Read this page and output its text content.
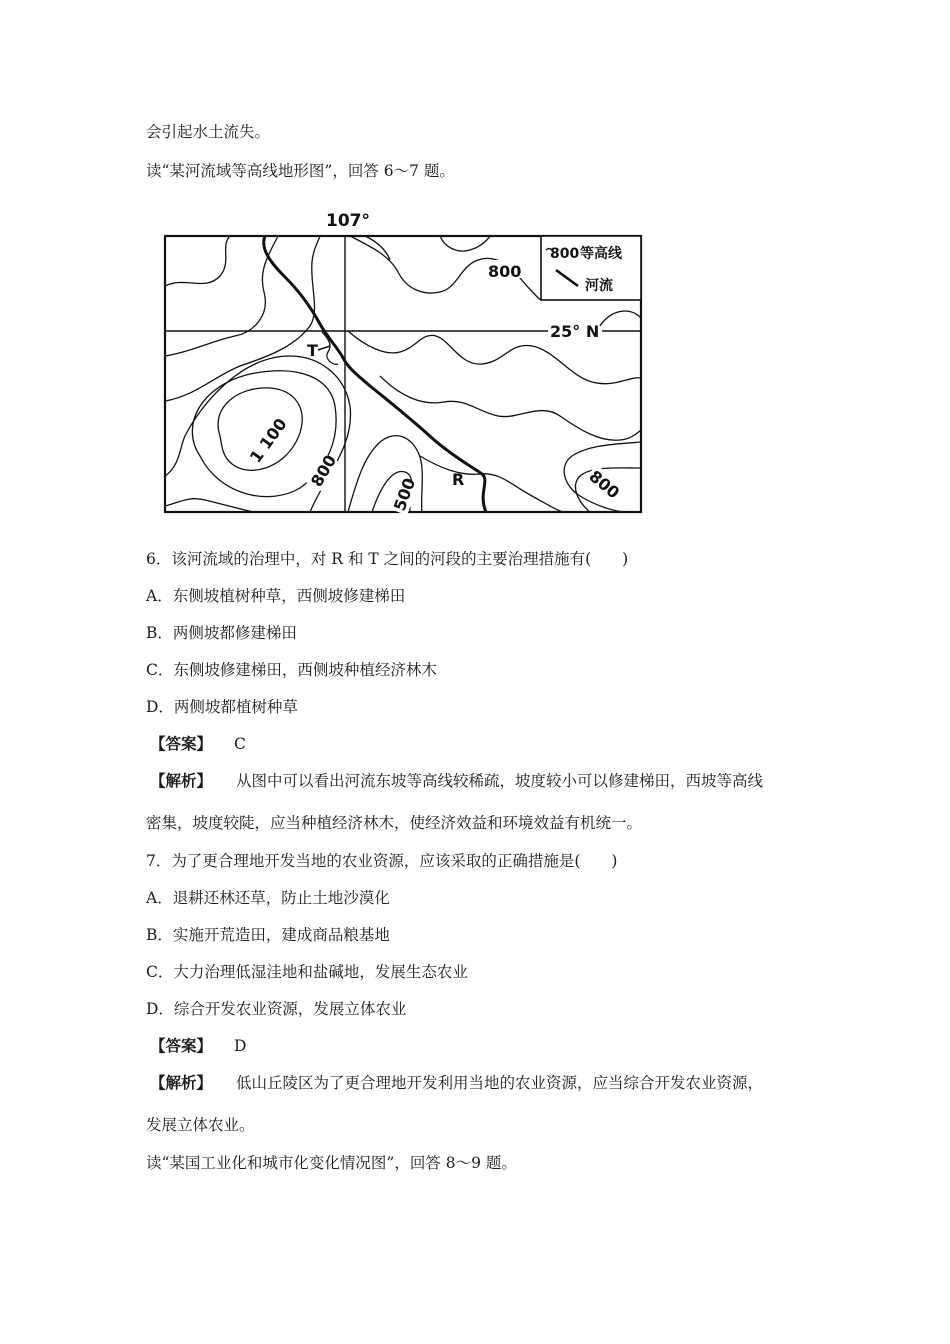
会引起水土流失。
读“某河流域等高线地形图”，回答 6～7 题。
107°
25° N
800 等高线
河流
T
R
800
1 100
800
500	800
6．该河流域的治理中，对 R 和 T 之间的河段的主要治理措施有(　　)
A．东侧坡植树种草，西侧坡修建梯田
B．两侧坡都修建梯田
C．东侧坡修建梯田，西侧坡种植经济林木
D．两侧坡都植树种草
【答案】 C
【解析】 从图中可以看出河流东坡等高线较稀疏，坡度较小可以修建梯田，西坡等高线
密集，坡度较陡，应当种植经济林木，使经济效益和环境效益有机统一。
7．为了更合理地开发当地的农业资源，应该采取的正确措施是(　　)
A．退耕还林还草，防止土地沙漠化
B．实施开荒造田，建成商品粮基地
C．大力治理低湿洼地和盐碱地，发展生态农业
D．综合开发农业资源，发展立体农业
【答案】 D
【解析】 低山丘陵区为了更合理地开发利用当地的农业资源，应当综合开发农业资源，
发展立体农业。
读“某国工业化和城市化变化情况图”，回答 8～9 题。
